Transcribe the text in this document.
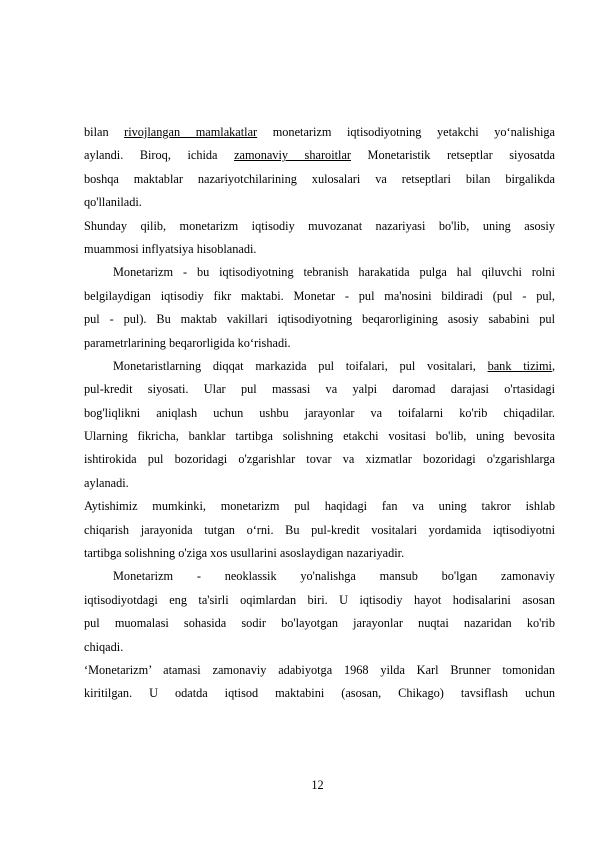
bilan rivojlangan mamlakatlar monetarizm iqtisodiyotning yetakchi yo‘nalishiga
aylandi. Biroq, ichida zamonaviy sharoitlar Monetaristik retseptlar siyosatda
boshqa maktablar nazariyotchilarining xulosalari va retseptlari bilan birgalikda
qo'llaniladi.
Shunday qilib, monetarizm iqtisodiy muvozanat nazariyasi bo'lib, uning asosiy
muammosi inflyatsiya hisoblanadi.
Monetarizm - bu iqtisodiyotning tebranish harakatida pulga hal qiluvchi rolni
belgilaydigan iqtisodiy fikr maktabi. Monetar - pul ma'nosini bildiradi (pul - pul,
pul - pul). Bu maktab vakillari iqtisodiyotning beqarorligining asosiy sababini pul
parametrlarining beqarorligida ko‘rishadi.
Monetaristlarning diqqat markazida pul toifalari, pul vositalari, bank tizimi,
pul-kredit siyosati. Ular pul massasi va yalpi daromad darajasi o'rtasidagi
bog'liqlikni aniqlash uchun ushbu jarayonlar va toifalarni ko'rib chiqadilar.
Ularning fikricha, banklar tartibga solishning etakchi vositasi bo'lib, uning bevosita
ishtirokida pul bozoridagi o'zgarishlar tovar va xizmatlar bozoridagi o'zgarishlarga
aylanadi.
Aytishimiz mumkinki, monetarizm pul haqidagi fan va uning takror ishlab
chiqarish jarayonida tutgan o‘rni. Bu pul-kredit vositalari yordamida iqtisodiyotni
tartibga solishning o'ziga xos usullarini asoslaydigan nazariyadir.
Monetarizm - neoklassik yo'nalishga mansub bo'lgan zamonaviy
iqtisodiyotdagi eng ta'sirli oqimlardan biri. U iqtisodiy hayot hodisalarini asosan
pul muomalasi sohasida sodir bo'layotgan jarayonlar nuqtai nazaridan ko'rib
chiqadi.
‘Monetarizm’ atamasi zamonaviy adabiyotga 1968 yilda Karl Brunner tomonidan
kiritilgan. U odatda iqtisod maktabini (asosan, Chikago) tavsiflash uchun
12
